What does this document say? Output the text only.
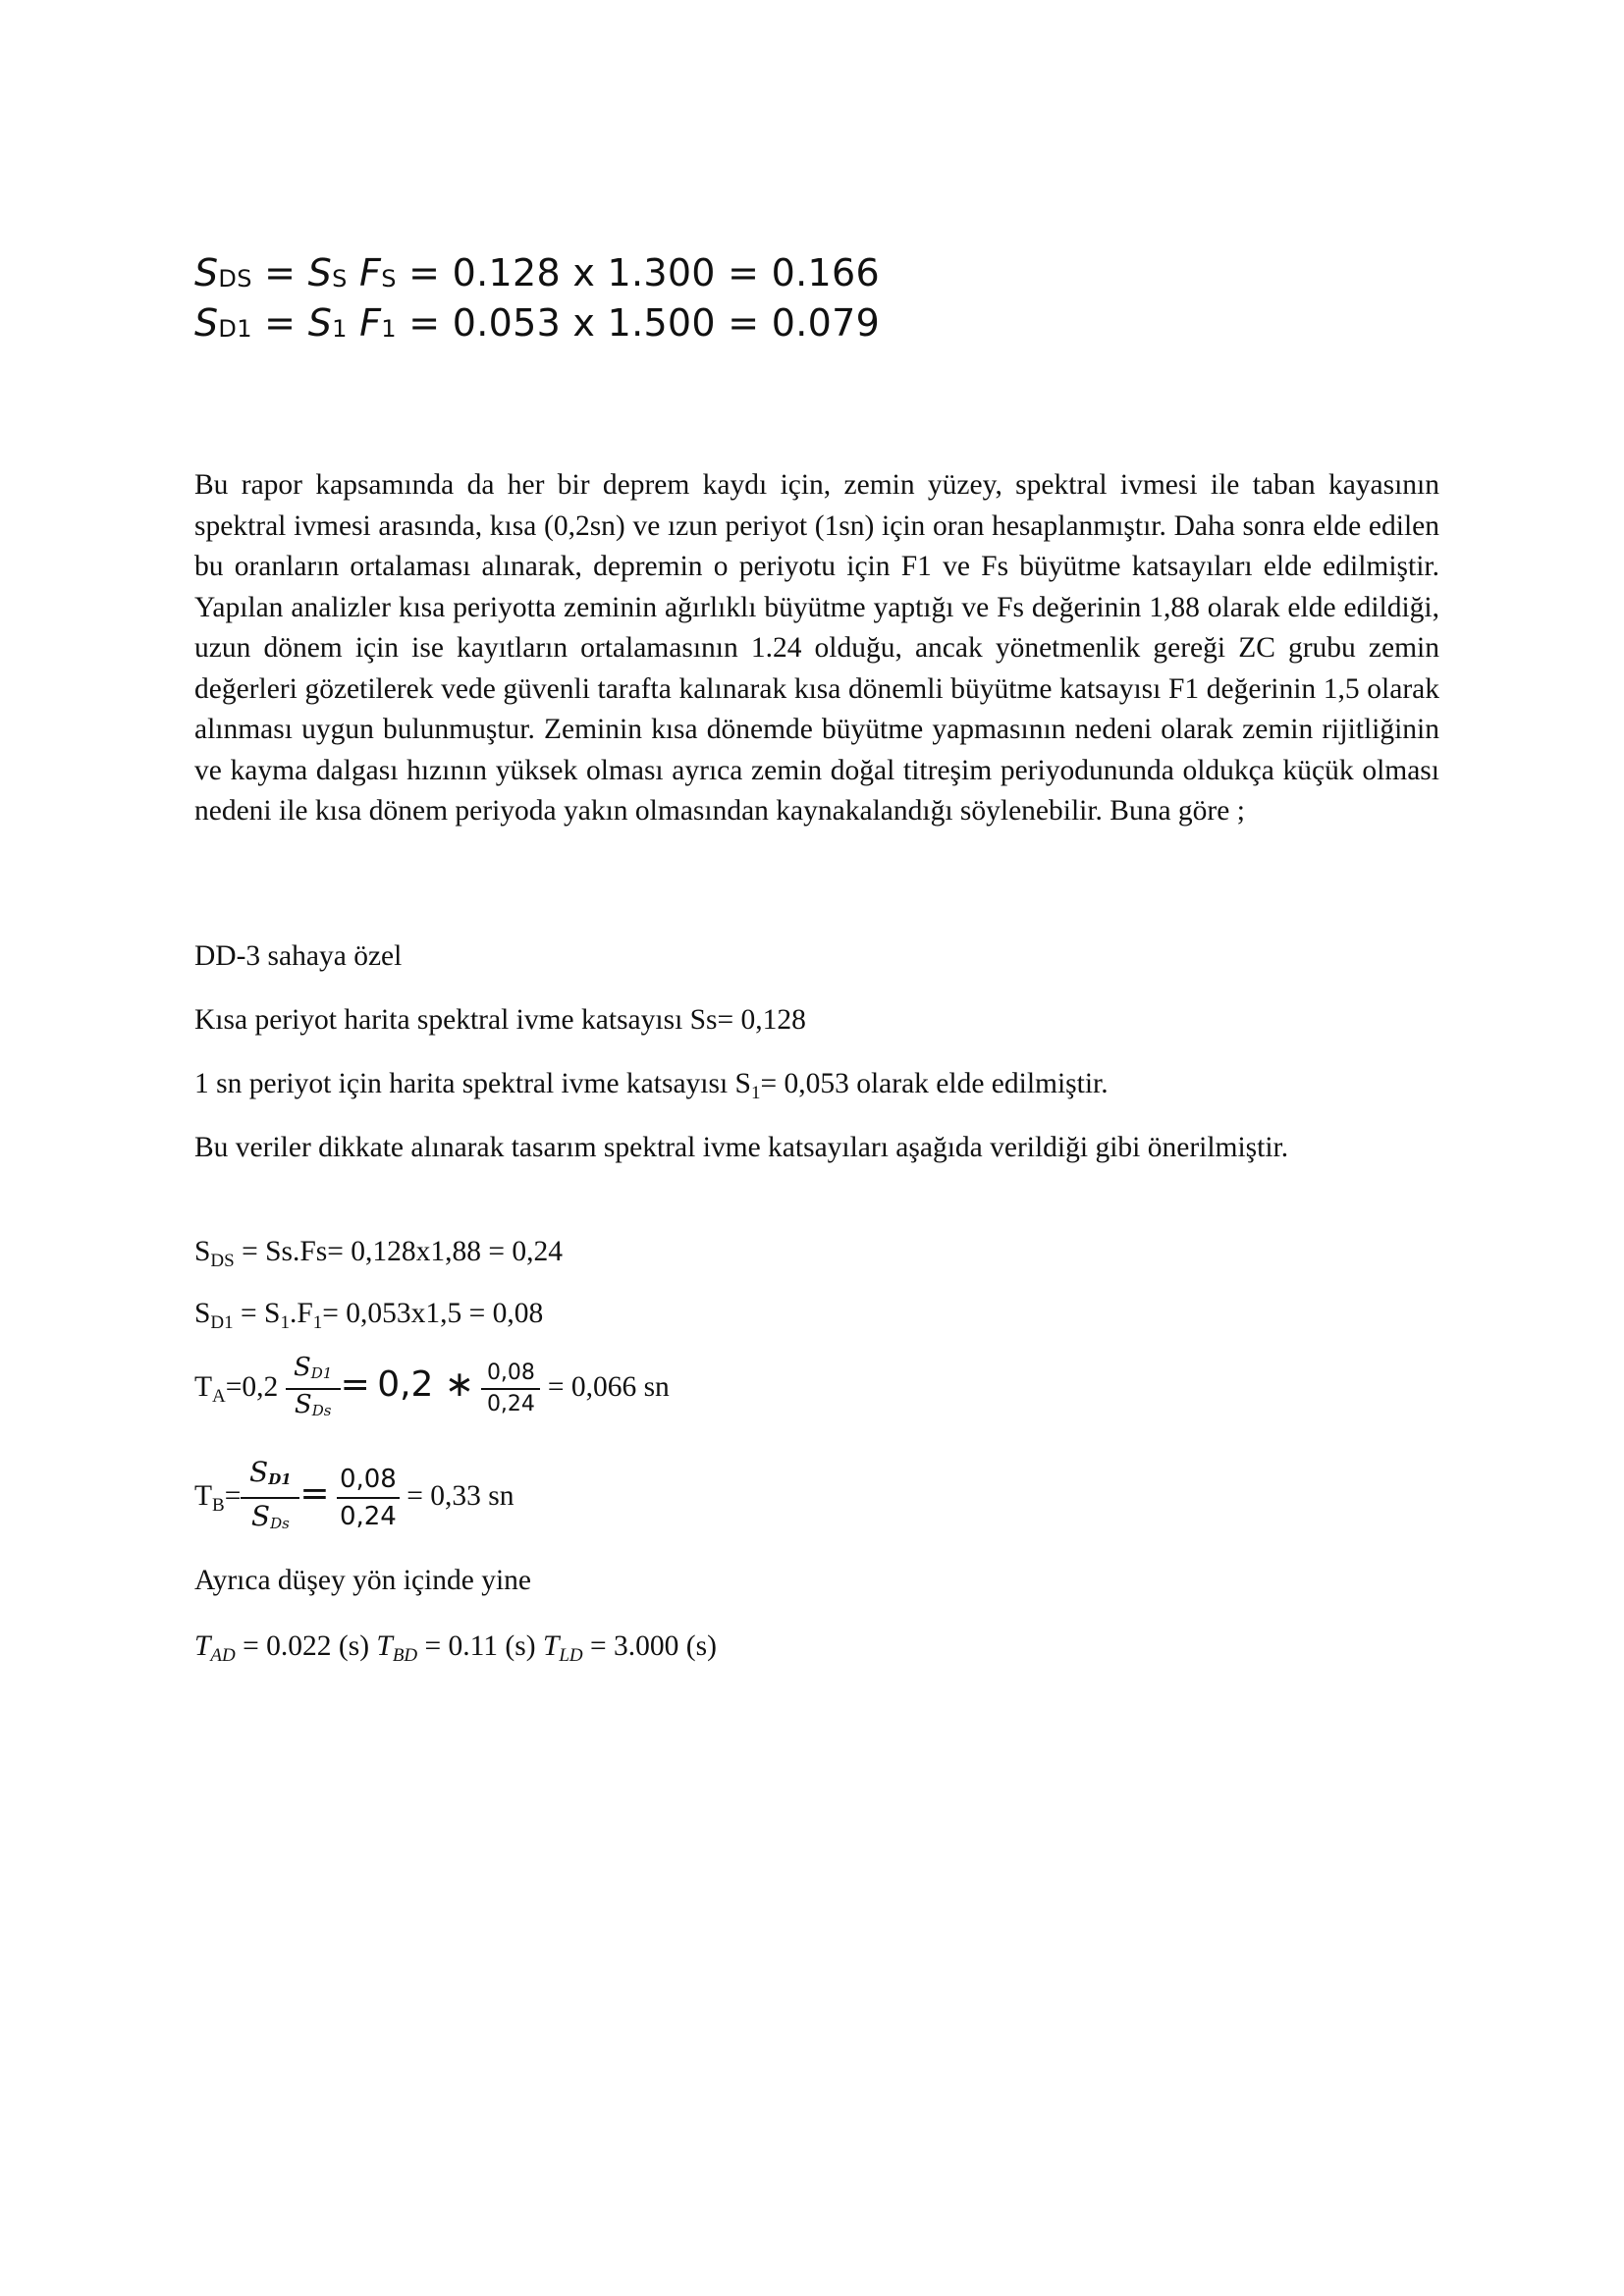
SDS = SS FS = 0.128 x 1.300 = 0.166
SD1 = S1 F1 = 0.053 x 1.500 = 0.079

Bu rapor kapsamında da her bir deprem kaydı için, zemin yüzey, spektral ivmesi ile taban kayasının spektral ivmesi arasında, kısa (0,2sn) ve ızun periyot (1sn) için oran hesaplanmıştır. Daha sonra elde edilen bu oranların ortalaması alınarak, depremin o periyotu için F1 ve Fs büyütme katsayıları elde edilmiştir. Yapılan analizler kısa periyotta zeminin ağırlıklı büyütme yaptığı ve Fs değerinin 1,88 olarak elde edildiği, uzun dönem için ise kayıtların ortalamasının 1.24 olduğu, ancak yönetmenlik gereği ZC grubu zemin değerleri gözetilerek vede güvenli tarafta kalınarak kısa dönemli büyütme katsayısı F1 değerinin 1,5 olarak alınması uygun bulunmuştur. Zeminin kısa dönemde büyütme yapmasının nedeni olarak zemin rijitliğinin ve kayma dalgası hızının yüksek olması ayrıca zemin doğal titreşim periyodununda oldukça küçük olması nedeni ile kısa dönem periyoda yakın olmasından kaynakalandığı söylenebilir. Buna göre ;

DD-3 sahaya özel

Kısa periyot harita spektral ivme katsayısı Ss= 0,128

1 sn periyot için harita spektral ivme katsayısı $S_1= 0,053$ olarak elde edilmiştir.

Bu veriler dikkate alınarak tasarım spektral ivme katsayıları aşağıda verildiği gibi önerilmiştir.

$S_{DS} = Ss.Fs= 0,128x1,88 = 0,24$

$S_{D1} = S_1.F_1= 0,053x1,5 = 0,08$

$T_A=0,2 \frac{SD1}{\text{SDs}} = 0,2$ ∗ $\frac{0,08}{0,24} = 0,066$ sn
$T_B= \frac{SD1}{\text{SDs}} = \frac{0,08}{0,24} = 0,33$ sn

Ayrıca düşey yön içinde yine

$T_{AD} = 0.022$ (s) $T_{BD} = 0.11$ (s) $T_{LD} = 3.000$ (s)
